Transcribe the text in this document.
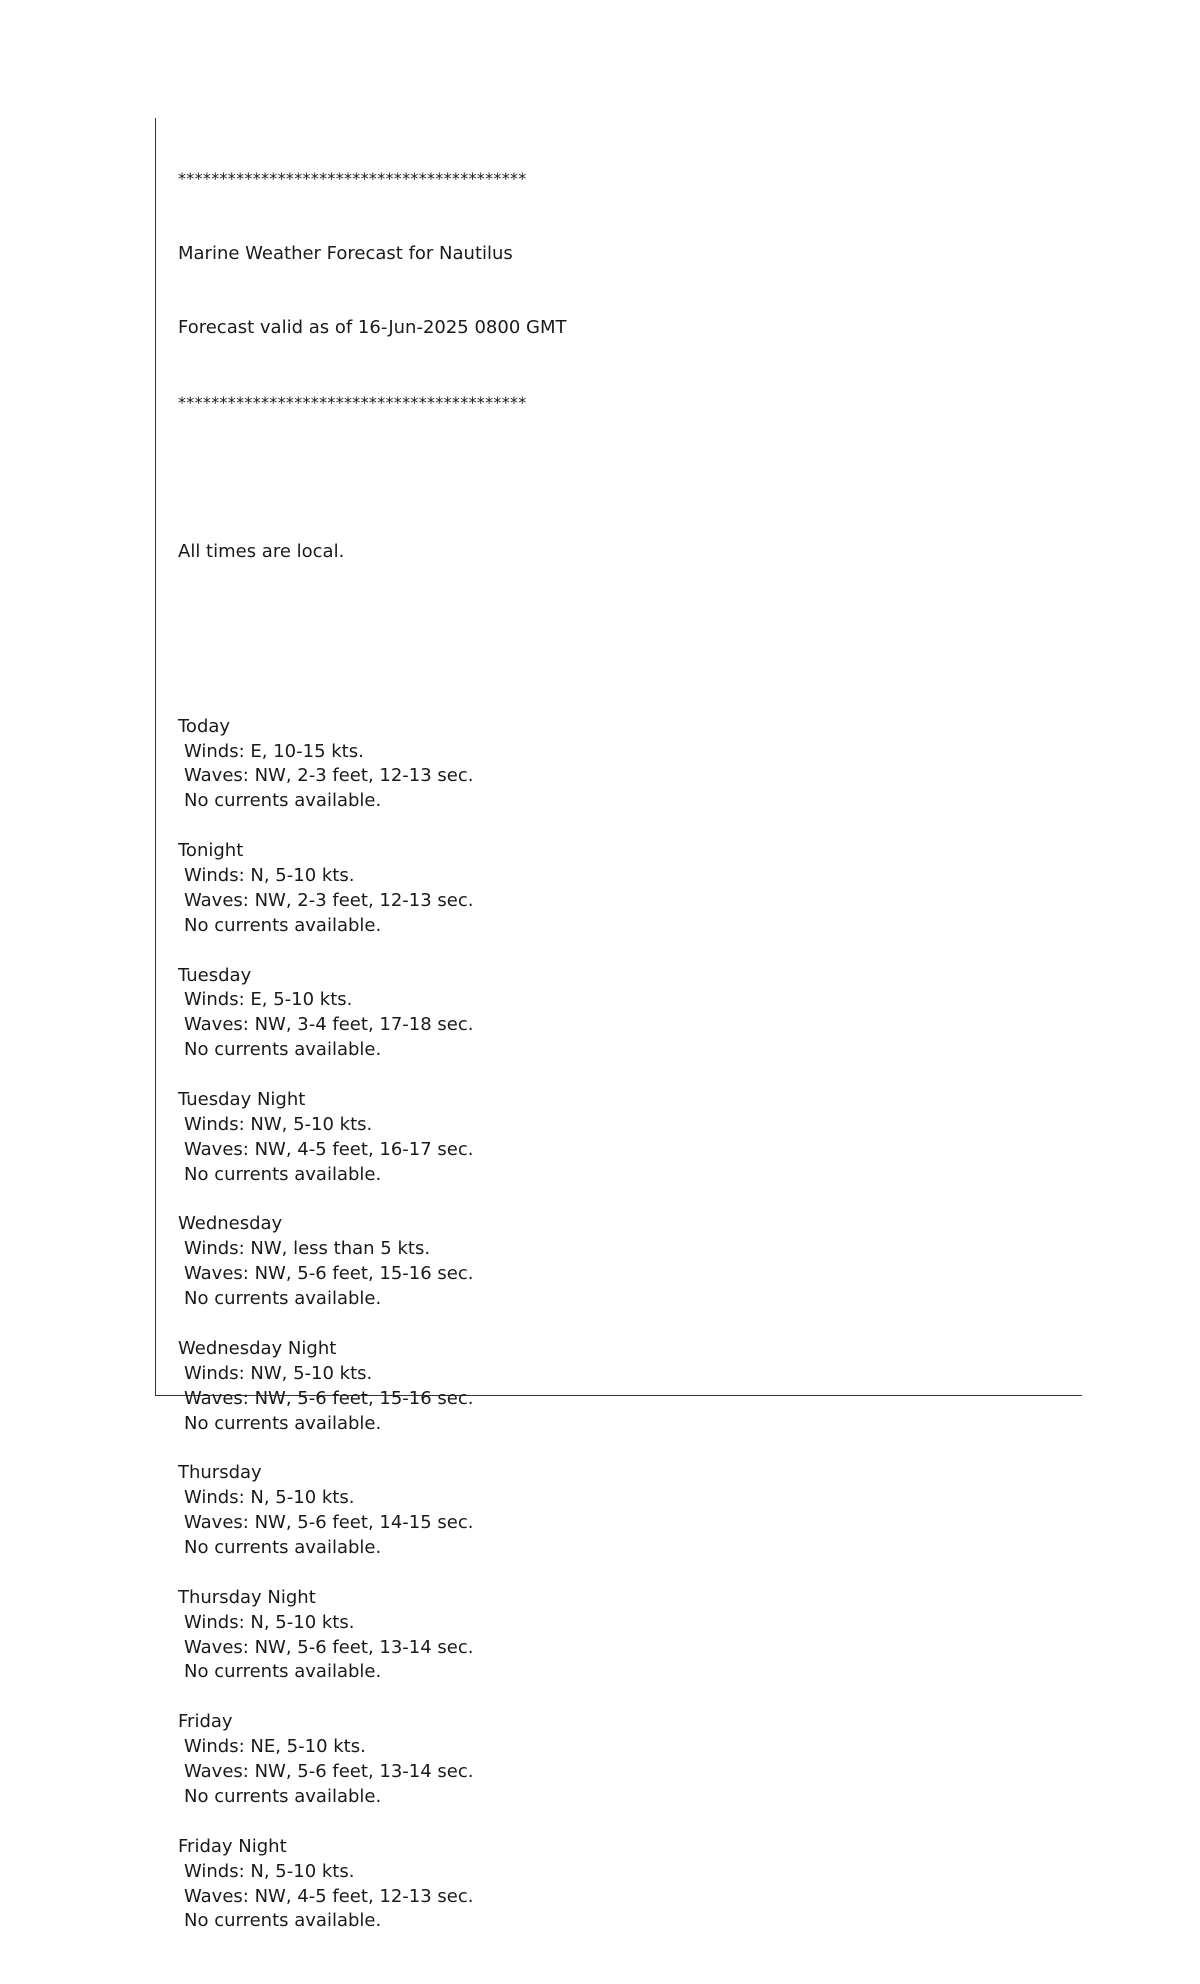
******************************************

Marine Weather Forecast for Nautilus

Forecast valid as of 16-Jun-2025 0800 GMT

******************************************

All times are local.

Today
Winds: E, 10-15 kts.
Waves: NW, 2-3 feet, 12-13 sec.
No currents available.
Tonight
Winds: N, 5-10 kts.
Waves: NW, 2-3 feet, 12-13 sec.
No currents available.
Tuesday
Winds: E, 5-10 kts.
Waves: NW, 3-4 feet, 17-18 sec.
No currents available.
Tuesday Night
Winds: NW, 5-10 kts.
Waves: NW, 4-5 feet, 16-17 sec.
No currents available.
Wednesday
Winds: NW, less than 5 kts.
Waves: NW, 5-6 feet, 15-16 sec.
No currents available.
Wednesday Night
Winds: NW, 5-10 kts.
Waves: NW, 5-6 feet, 15-16 sec.
No currents available.
Thursday
Winds: N, 5-10 kts.
Waves: NW, 5-6 feet, 14-15 sec.
No currents available.
Thursday Night
Winds: N, 5-10 kts.
Waves: NW, 5-6 feet, 13-14 sec.
No currents available.
Friday
Winds: NE, 5-10 kts.
Waves: NW, 5-6 feet, 13-14 sec.
No currents available.
Friday Night
Winds: N, 5-10 kts.
Waves: NW, 4-5 feet, 12-13 sec.
No currents available.
